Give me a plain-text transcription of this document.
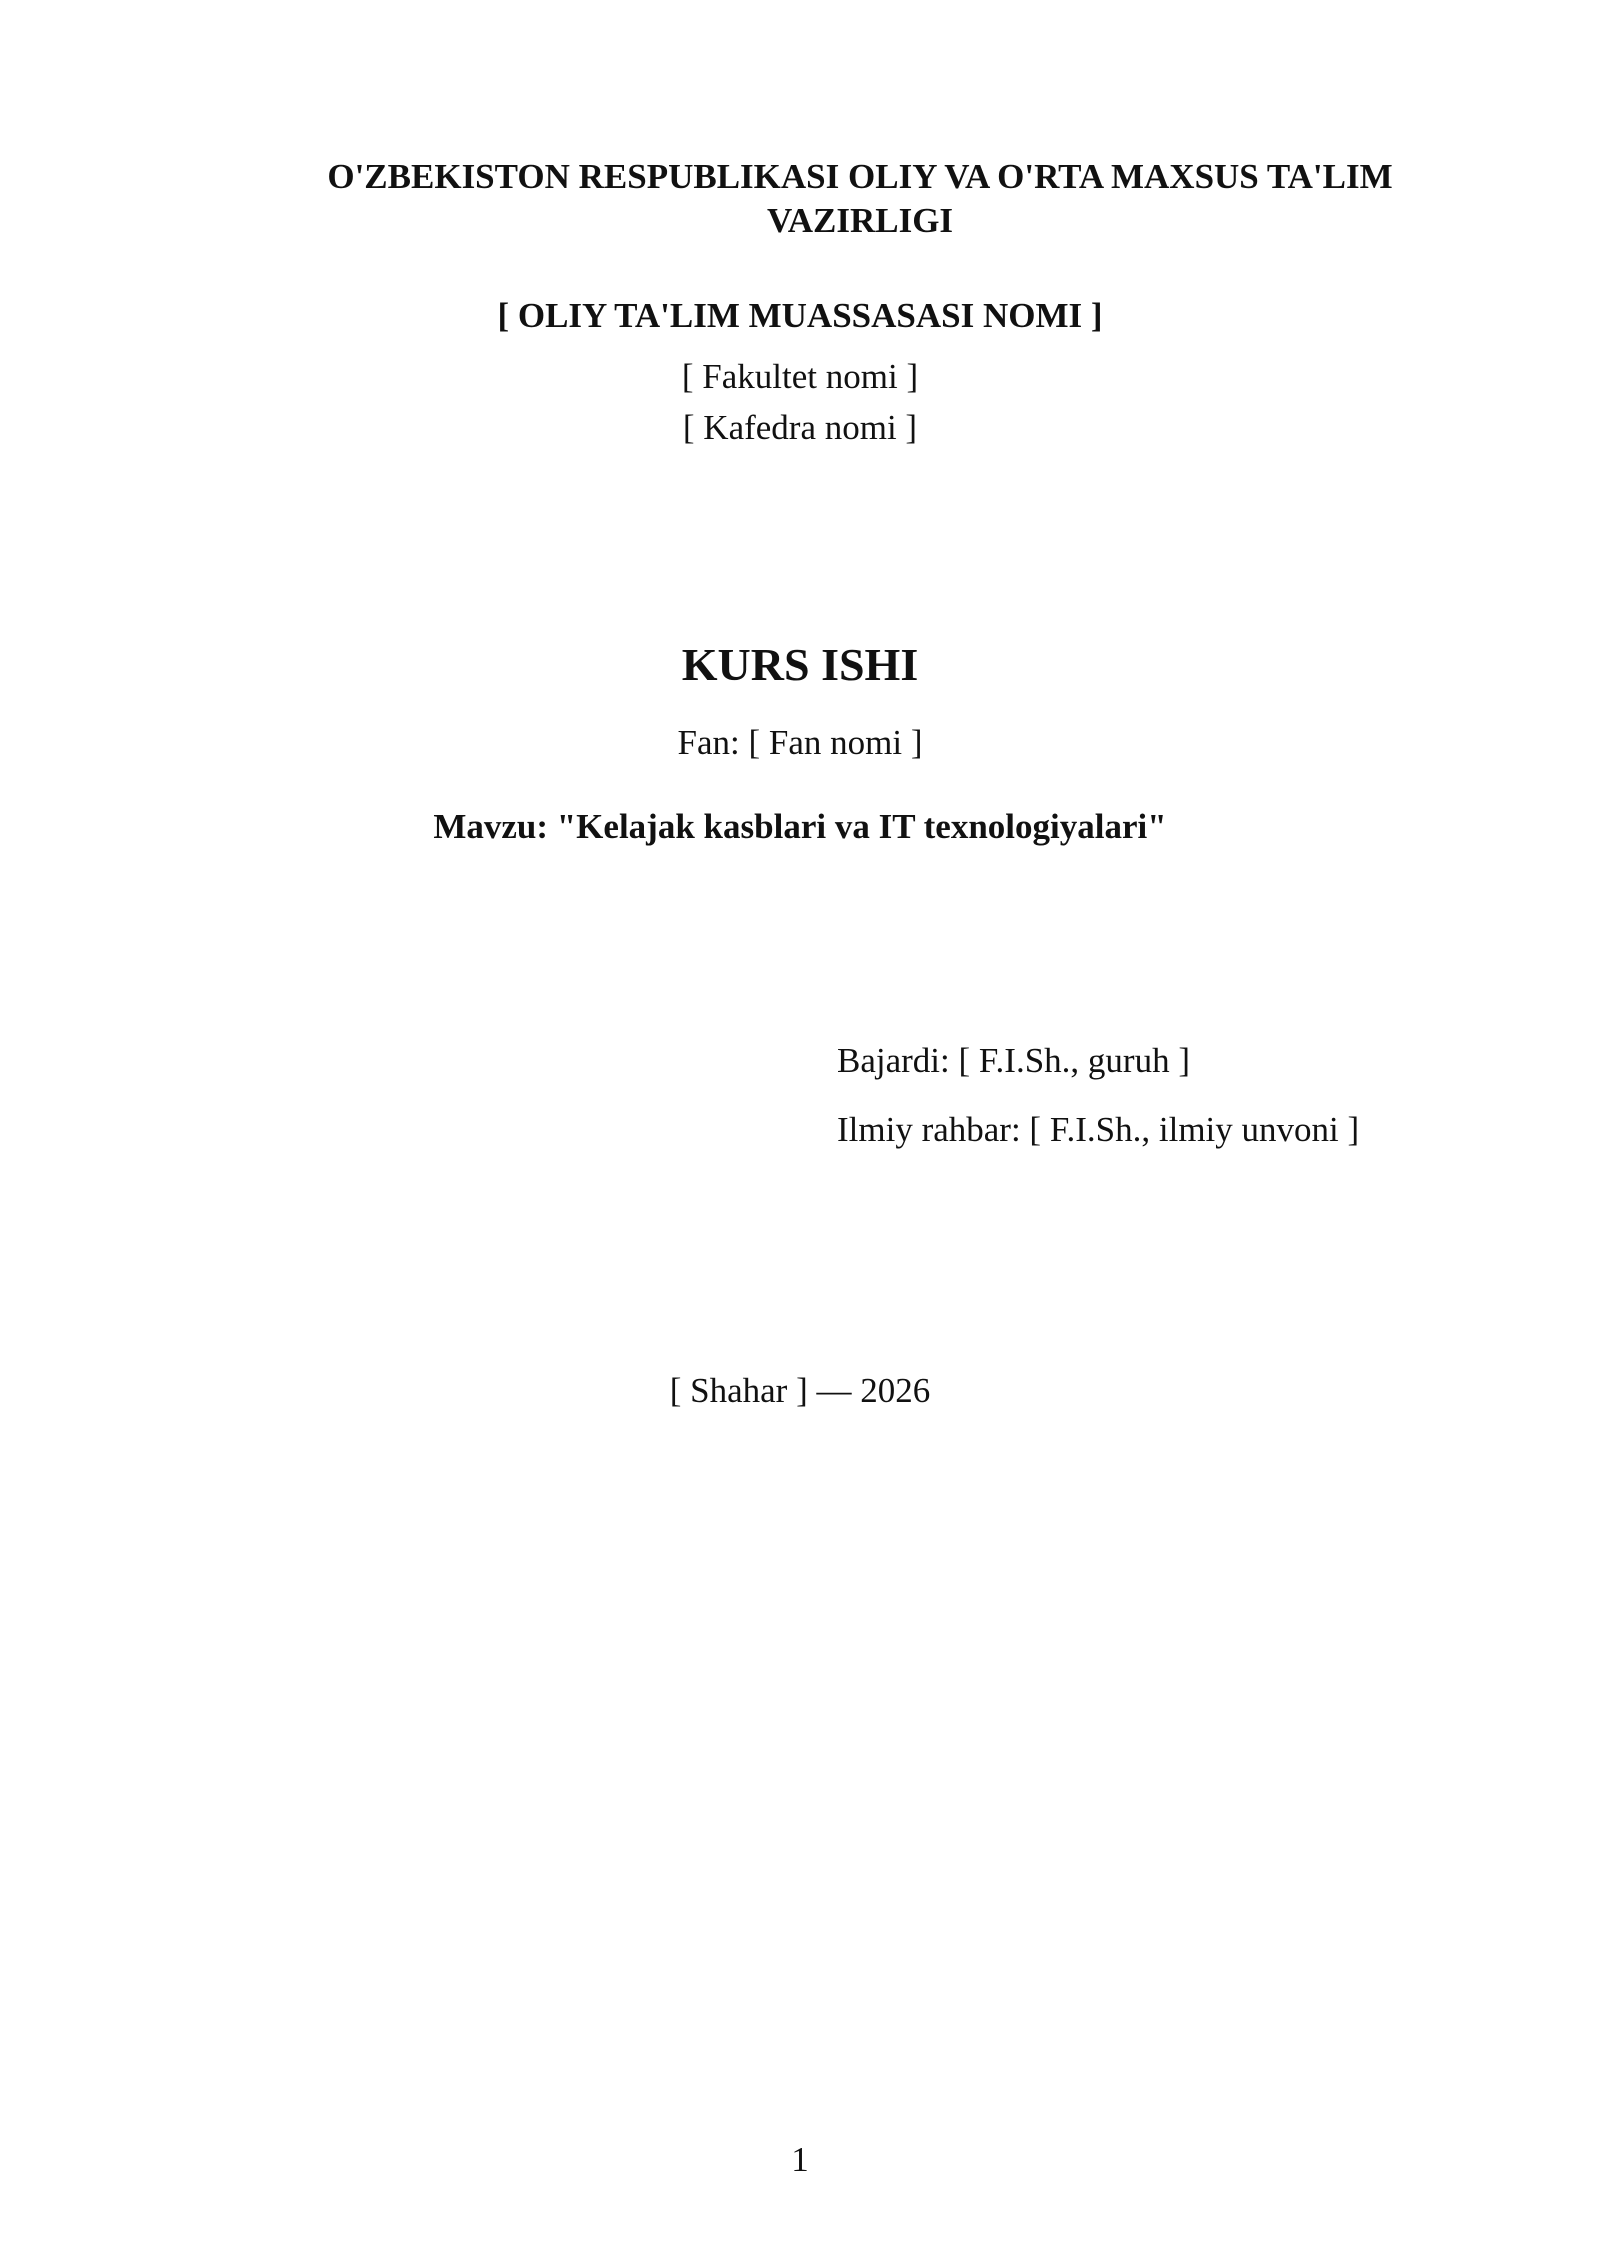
O'ZBEKISTON RESPUBLIKASI OLIY VA O'RTA MAXSUS TA'LIM VAZIRLIGI
[ OLIY TA'LIM MUASSASASI NOMI ]
[ Fakultet nomi ]
[ Kafedra nomi ]
KURS ISHI
Fan: [ Fan nomi ]
Mavzu: "Kelajak kasblari va IT texnologiyalari"
Bajardi: [ F.I.Sh., guruh ]
Ilmiy rahbar: [ F.I.Sh., ilmiy unvoni ]
[ Shahar ] — 2026
1
